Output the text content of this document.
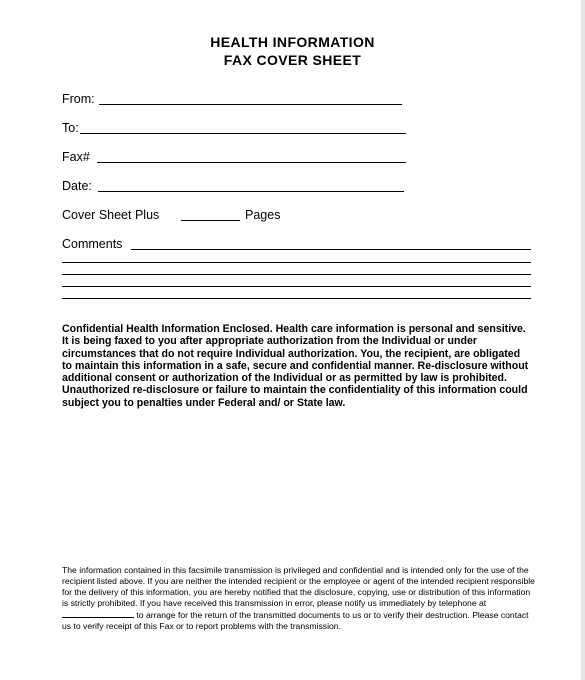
HEALTH INFORMATION
FAX COVER SHEET
From:
To:
Fax#
Date:
Cover Sheet Plus	Pages
Comments
Confidential Health Information Enclosed. Health care information is personal and sensitive. It is being faxed to you after appropriate authorization from the Individual or under circumstances that do not require Individual authorization. You, the recipient, are obligated to maintain this information in a safe, secure and confidential manner. Re-disclosure without additional consent or authorization of the Individual or as permitted by law is prohibited. Unauthorized re-disclosure or failure to maintain the confidentiality of this information could subject you to penalties under Federal and/ or State law.
The information contained in this facsimile transmission is privileged and confidential and is intended only for the use of the recipient listed above. If you are neither the intended recipient or the employee or agent of the intended recipient responsible for the delivery of this information, you are hereby notified that the disclosure, copying, use or distribution of this information is strictly prohibited. If you have received this transmission in error, please notify us immediately by telephone at  to arrange for the return of the transmitted documents to us or to verify their destruction. Please contact us to verify receipt of this Fax or to report problems with the transmission.
